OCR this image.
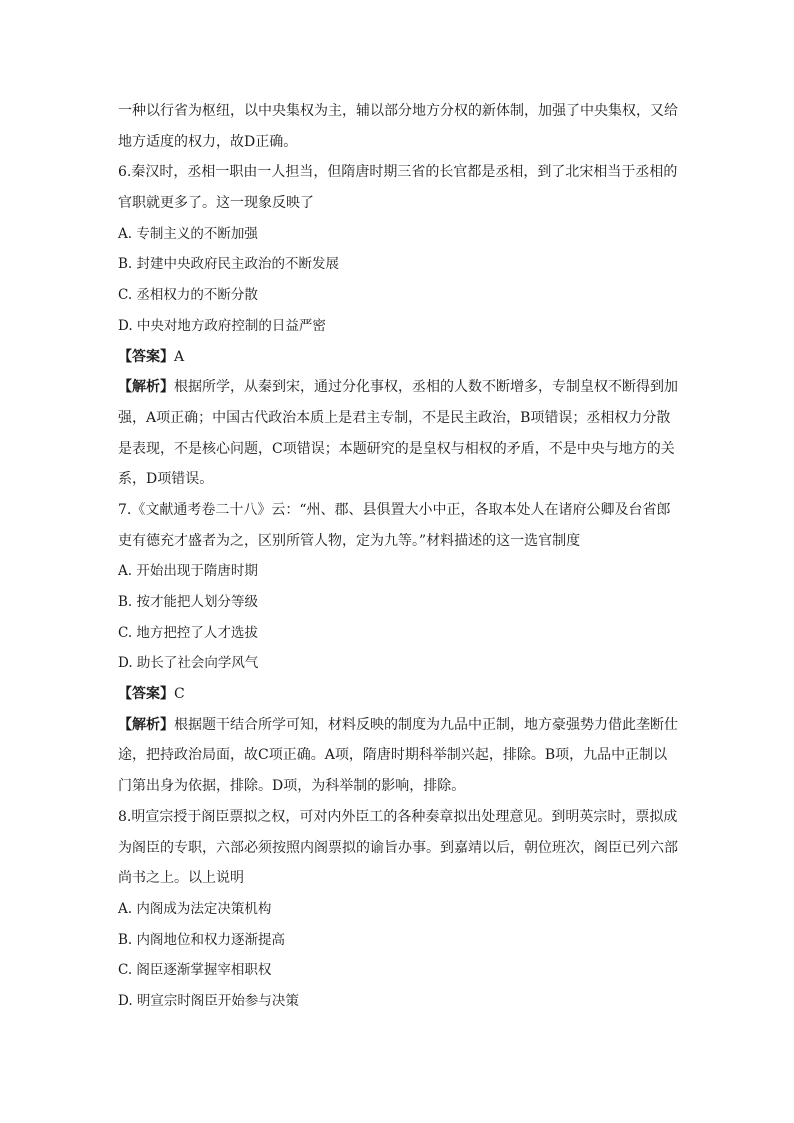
一种以行省为枢纽，以中央集权为主，辅以部分地方分权的新体制，加强了中央集权，又给
地方适度的权力，故D正确。
6.秦汉时，丞相一职由一人担当，但隋唐时期三省的长官都是丞相，到了北宋相当于丞相的
官职就更多了。这一现象反映了
A. 专制主义的不断加强
B. 封建中央政府民主政治的不断发展
C. 丞相权力的不断分散
D. 中央对地方政府控制的日益严密
【答案】A
【解析】根据所学，从秦到宋，通过分化事权，丞相的人数不断增多，专制皇权不断得到加
强，A项正确；中国古代政治本质上是君主专制，不是民主政治，B项错误；丞相权力分散
是表现，不是核心问题，C项错误；本题研究的是皇权与相权的矛盾，不是中央与地方的关
系，D项错误。
7.《文献通考卷二十八》云：“州、郡、县俱置大小中正，各取本处人在诸府公卿及台省郎
吏有德充才盛者为之，区别所管人物，定为九等。”材料描述的这一选官制度
A. 开始出现于隋唐时期
B. 按才能把人划分等级
C. 地方把控了人才选拔
D. 助长了社会向学风气
【答案】C
【解析】根据题干结合所学可知，材料反映的制度为九品中正制，地方豪强势力借此垄断仕
途，把持政治局面，故C项正确。A项，隋唐时期科举制兴起，排除。B项，九品中正制以
门第出身为依据，排除。D项，为科举制的影响，排除。
8.明宣宗授于阁臣票拟之权，可对内外臣工的各种奏章拟出处理意见。到明英宗时，票拟成
为阁臣的专职，六部必须按照内阁票拟的谕旨办事。到嘉靖以后，朝位班次，阁臣已列六部
尚书之上。以上说明
A. 内阁成为法定决策机构
B. 内阁地位和权力逐渐提高
C. 阁臣逐渐掌握宰相职权
D. 明宣宗时阁臣开始参与决策
